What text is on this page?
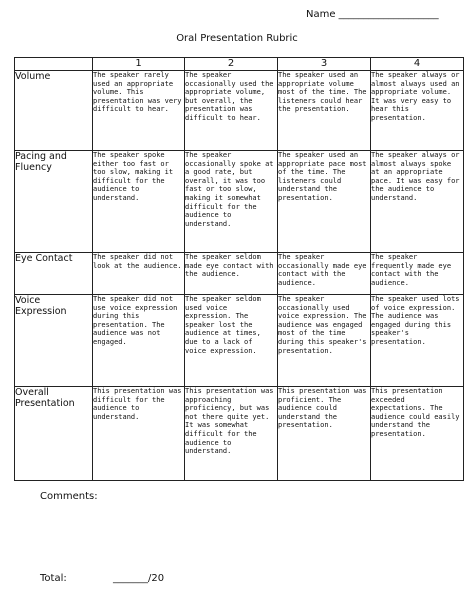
Name ____________________
Oral Presentation Rubric
	1	2	3	4
Volume	The speaker rarely used an appropriate volume. This presentation was very difficult to hear.	The speaker occasionally used the appropriate volume, but overall, the presentation was difficult to hear.	The speaker used an appropriate volume most of the time. The listeners could hear the presentation.	The speaker always or almost always used an appropriate volume. It was very easy to hear this presentation.
Pacing and Fluency	The speaker spoke either too fast or too slow, making it difficult for the audience to understand.	The speaker occasionally spoke at a good rate, but overall, it was too fast or too slow, making it somewhat difficult for the audience to understand.	The speaker used an appropriate pace most of the time. The listeners could understand the presentation.	The speaker always or almost always spoke at an appropriate pace. It was easy for the audience to understand.
Eye Contact	The speaker did not look at the audience.	The speaker seldom made eye contact with the audience.	The speaker occasionally made eye contact with the audience.	The speaker frequently made eye contact with the audience.
Voice Expression	The speaker did not use voice expression during this presentation. The audience was not engaged.	The speaker seldom used voice expression. The speaker lost the audience at times, due to a lack of voice expression.	The speaker occasionally used voice expression. The audience was engaged most of the time during this speaker's presentation.	The speaker used lots of voice expression. The audience was engaged during this speaker's presentation.
Overall Presentation	This presentation was difficult for the audience to understand.	This presentation was approaching proficiency, but was not there quite yet. It was somewhat difficult for the audience to understand.	This presentation was proficient. The audience could understand the presentation.	This presentation exceeded expectations. The audience could easily understand the presentation.
Comments:
Total:	_______/20
